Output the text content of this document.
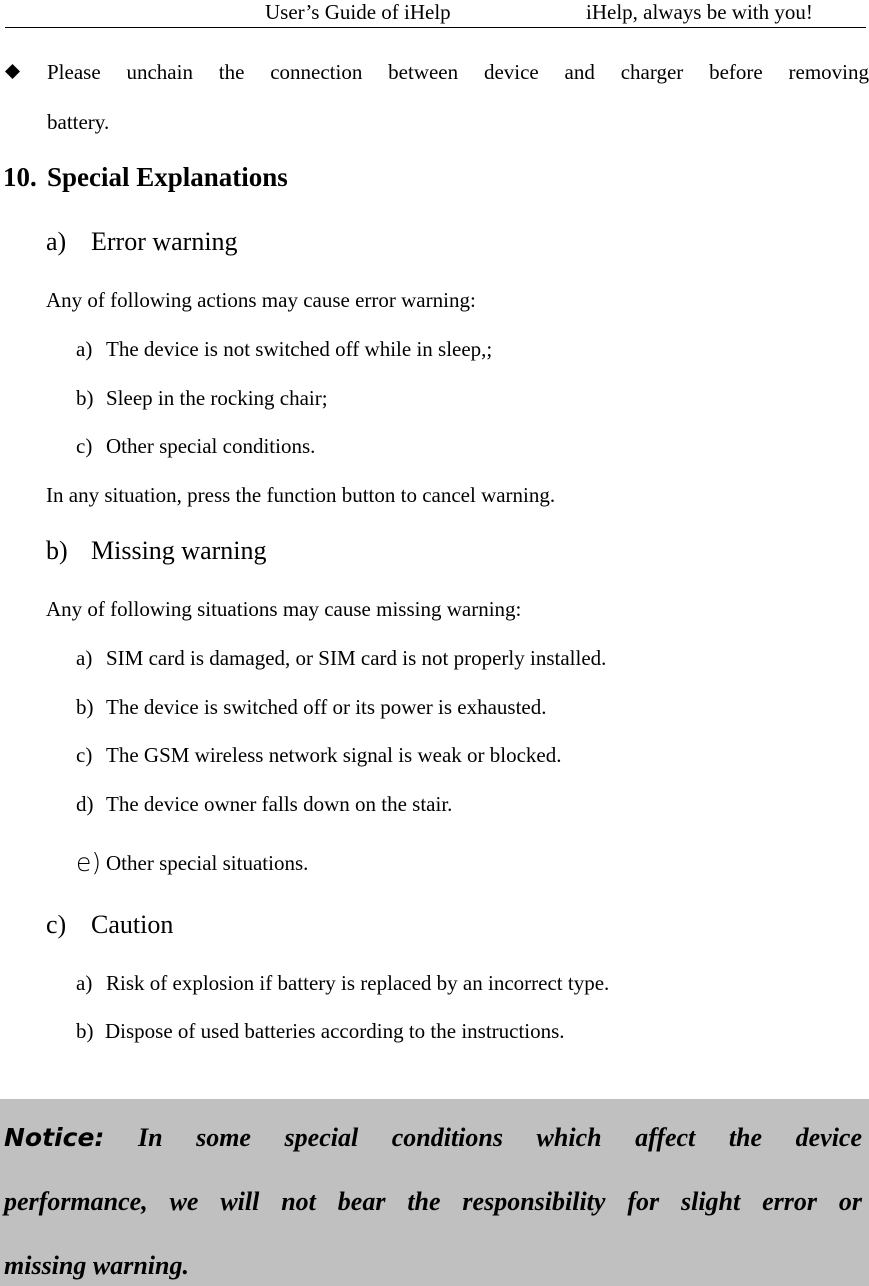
User’s Guide of iHelp	iHelp, always be with you!
Please unchain the connection between device and charger before removing
battery.
10. Special Explanations
a) Error warning
Any of following actions may cause error warning:
a) The device is not switched off while in sleep,;
b) Sleep in the rocking chair;
c) Other special conditions.
In any situation, press the function button to cancel warning.
b) Missing warning
Any of following situations may cause missing warning:
a) SIM card is damaged, or SIM card is not properly installed.
b) The device is switched off or its power is exhausted.
c) The GSM wireless network signal is weak or blocked.
d) The device owner falls down on the stair.
e) Other special situations.
c) Caution
a) Risk of explosion if battery is replaced by an incorrect type.
b) Dispose of used batteries according to the instructions.
Notice: In some special conditions which affect the device
performance, we will not bear the responsibility for slight error or
missing warning.
